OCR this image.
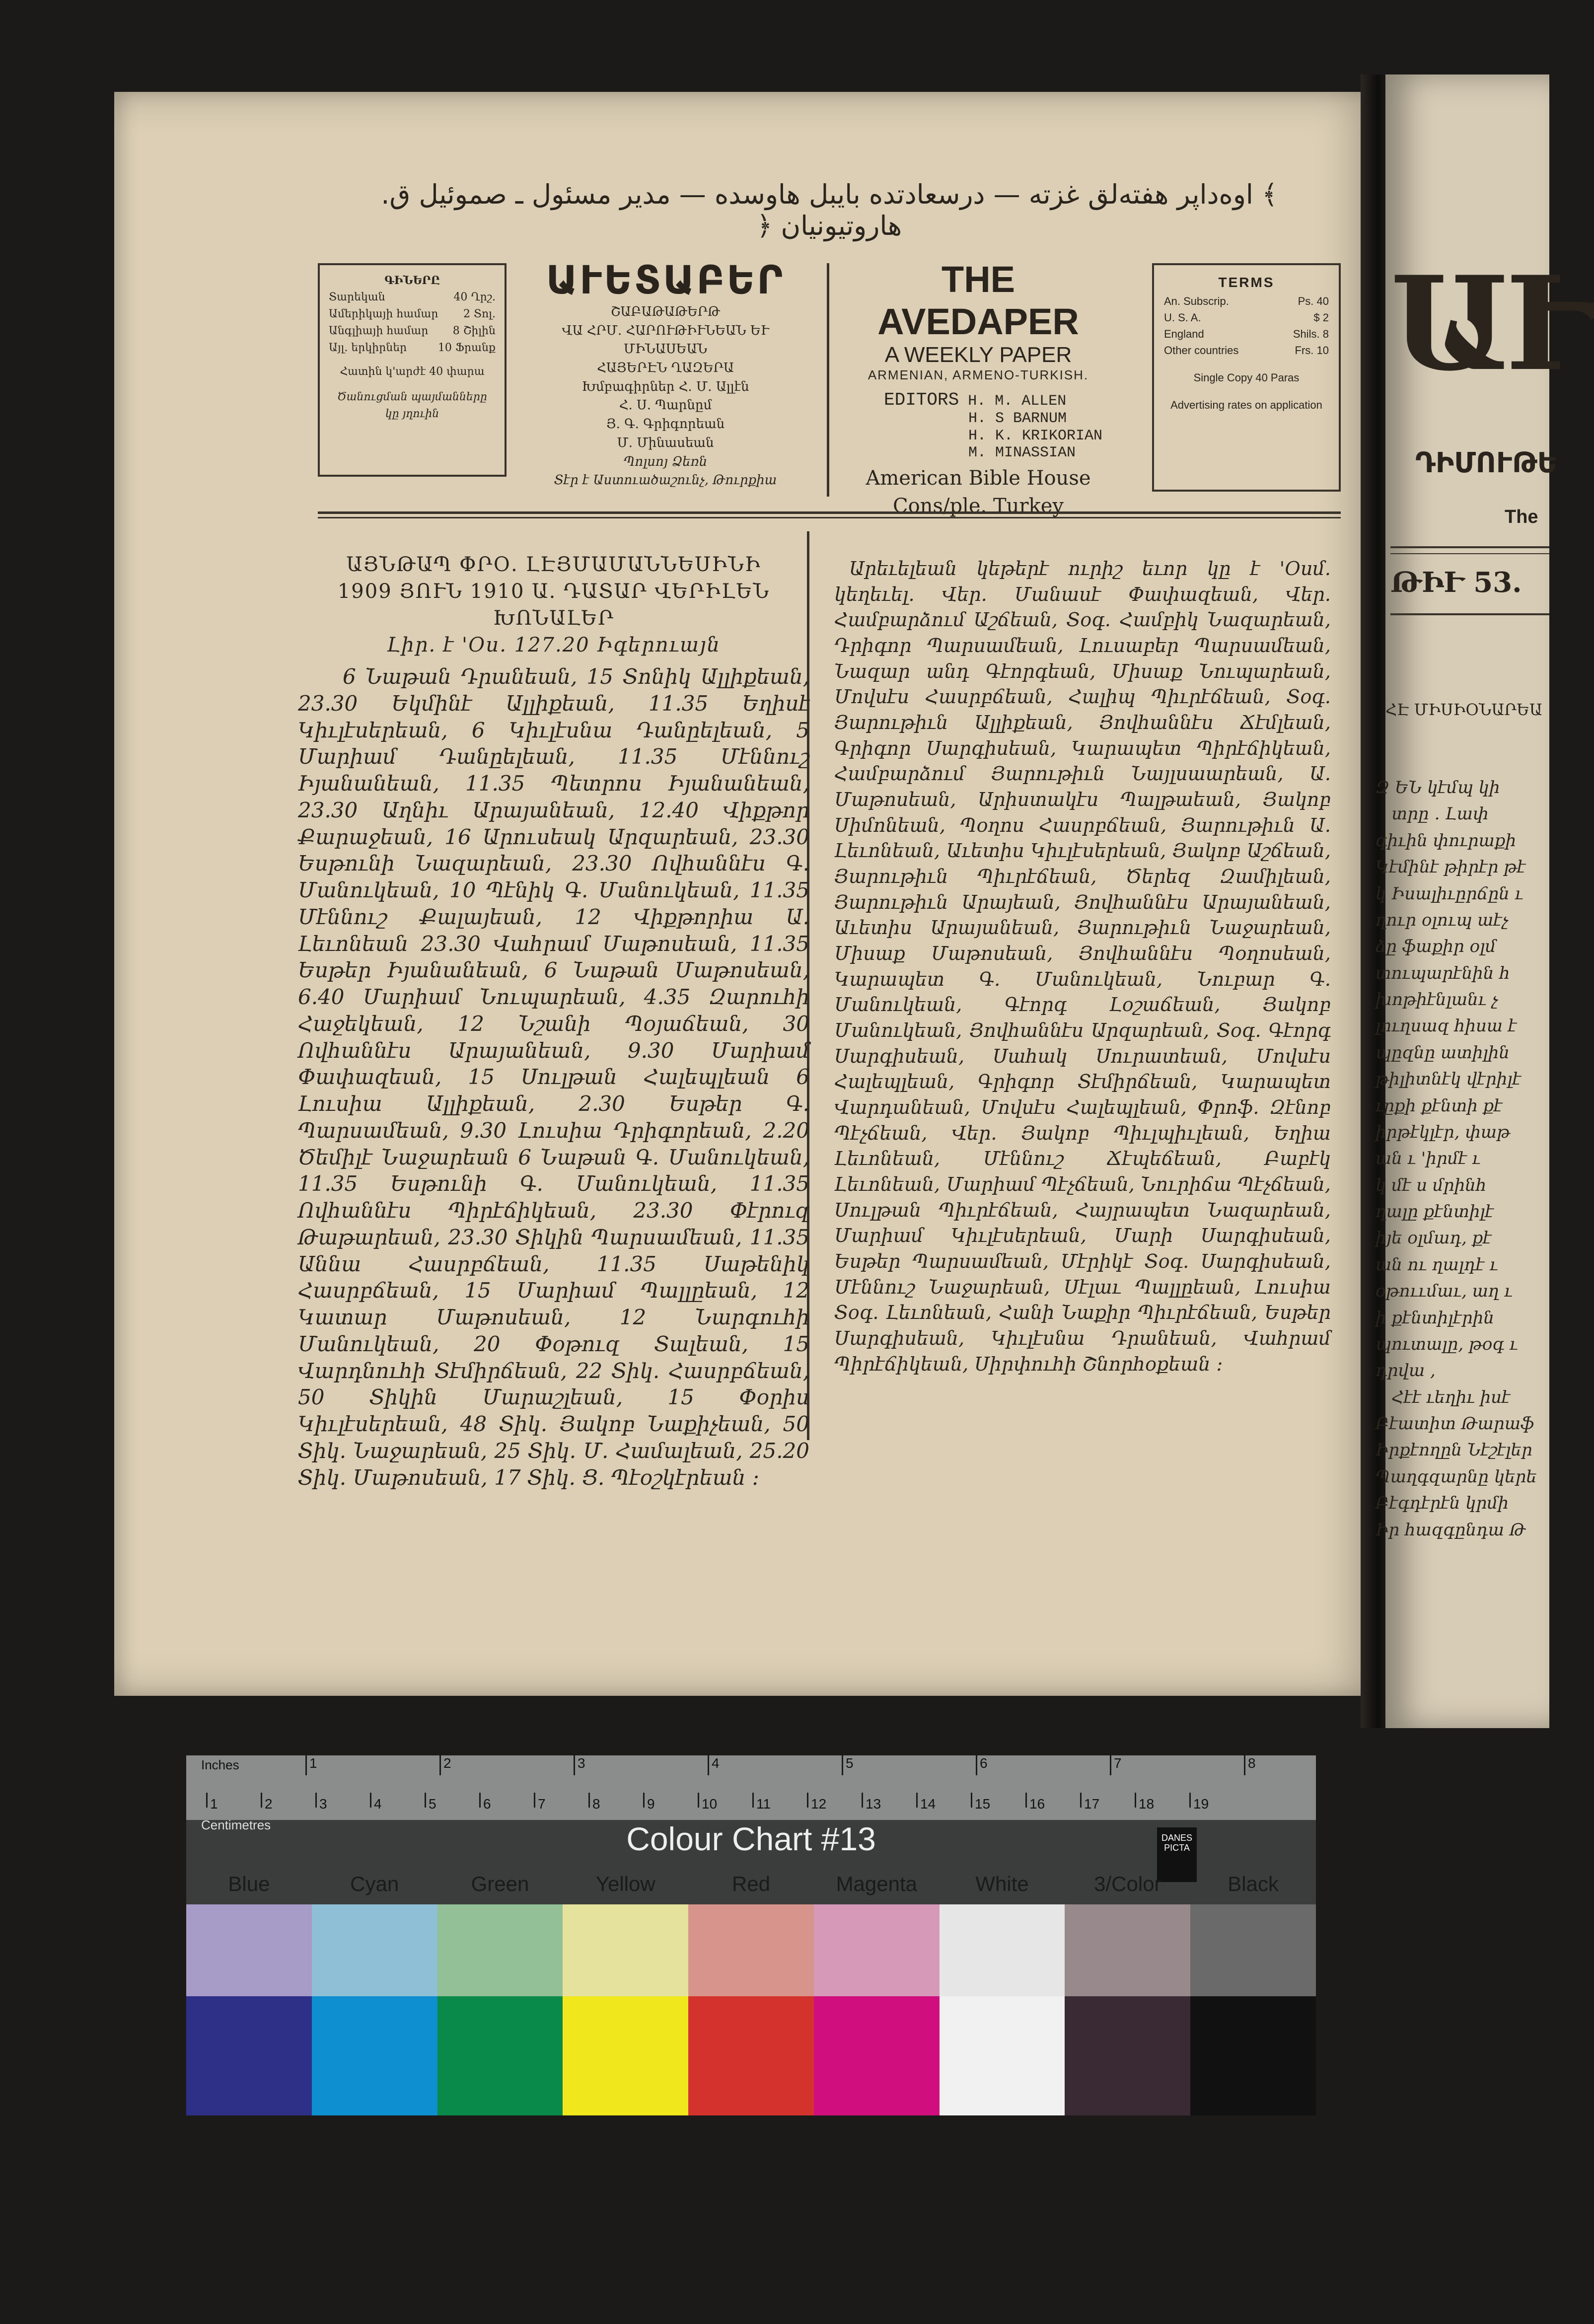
﴾ اوه‌داپر هفته‌لق غزته — درسعادتده بایبل هاوسده — مدیر مسئول ـ صموئیل ق. هاروتیونیان ﴿
ԳԻՆԵՐԸ
Տարեկան	40 Ղրշ.
Ամերիկայի համար 2 Տոլ.
Անգլիայի համար 8 Շիլին
Այլ. երկիրներ	10 Ֆրանք
Հատին կ'արժէ 40 փարա
Ծանուցման պայմանները կը յղուին
ԱՒԵՏԱԲԵՐ
ՇԱԲԱԹԱԹԵՐԹ
ՎԱ ՀՐՄ. ՀԱՐՈՒԹԻՒՆԵԱՆ ԵՒ ՄԻՆԱՍԵԱՆ
ՀԱՅԵՐԷՆ ՂԱԶԵՐԱ
Խմբագիրներ Հ. Մ. Ալլէն
Հ. Ս. Պարնըմ
Յ. Գ. Գրիգորեան
Մ. Մինասեան
Պոլսոյ Ձեռն
Տէր է Աստուածաշունչ, Թուրքիա
THE AVEDAPER
A WEEKLY PAPER
ARMENIAN, ARMENO-TURKISH.
EDITORS H. M. ALLEN
H. S BARNUM
H. K. KRIKORIAN
M. MINASSIAN
American Bible House
Cons/ple. Turkey
TERMS
An. Subscrip.	Ps. 40
U. S. A.	$ 2
England	Shils. 8
Other countries	Frs. 10
Single Copy 40 Paras
Advertising rates on application
ԱՅՆԹԱՊ ՓՐՕ. ԼԷՅՄԱՄԱՆՆԵՍԻՆԻ
1909 ՅՈՒՆ 1910 Ա. ԴԱՏԱՐ ՎԵՐԻԼԵՆ
ԽՈՆԱԼԵՐ
Լիր. է 'Օս. 127.20 Իգերուայն
6 Նաթան Դրանեան, 15 Տոնիկ Ալլիքեան, 23.30 Եկմինէ Ալլիքեան, 11.35 Եղիսէ Կիւլէսերեան, 6 Կիւլէսնա Դանըելեան, 5 Մարիամ Դանըելեան, 11.35 Մէննուշ Իյանանեան, 11.35 Պետրոս Իյանանեան, 23.30 Աղնիւ Արայանեան, 12.40 Վիքթոր Քարաջեան, 16 Արուսեակ Արզարեան, 23.30 Եսթունի Նազարեան, 23.30 Ովհաննէս Գ. Մանուկեան, 10 Պէնիկ Գ. Մանուկեան, 11.35 Մէննուշ Քալայեան, 12 Վիքթորիա Ա. Լեւոնեան 23.30 Վահրամ Մաթոսեան, 11.35 Եսթեր Իյանանեան, 6 Նաթան Մաթոսեան, 6.40 Մարիամ Նուպարեան, 4.35 Զարուհի Հաջեկեան, 12 Նշանի Պօյաճեան, 30 Ովհաննէս Արայանեան, 9.30 Մարիամ Փափազեան, 15 Սուլթան Հալեպլեան 6 Լուսիա Ալլիքեան, 2.30 Եսթեր Գ. Պարսամեան, 9.30 Լուսիա Դրիգորեան, 2.20 Ծեմիլէ Նաջարեան 6 Նաթան Գ. Մանուկեան, 11.35 Եսթունի Գ. Մանուկեան, 11.35 Ովհաննէս Պիրէճիկեան, 23.30 Փէրուզ Թաթարեան, 23.30 Տիկին Պարսամեան, 11.35 Աննա Հասրբճեան, 11.35 Սաթենիկ Հասրբճեան, 15 Մարիամ Պալլըեան, 12 Կատար Մաթոսեան, 12 Նարգուհի Մանուկեան, 20 Փօթուզ Տալեան, 15 Վարդնուհի Տէմիրճեան, 22 Տիկ. Հասրբճեան, 50 Տիկին Մարաշլեան, 15 Փօրիս Կիւլէսերեան, 48 Տիկ. Յակոբ Նաքիչեան, 50 Տիկ. Նաջարեան, 25 Տիկ. Մ. Համալեան, 25.20 Տիկ. Մաթոսեան, 17 Տիկ. Ց. Պէօշկէրեան ։
Արեւելեան կեթերէ ուրիշ եւոր կը է 'Օսմ. կեղեւել. Վեր. Մանասէ Փափազեան, Վեր. Համբարձում Աշճեան, Տօգ. Համբիկ Նազարեան, Դրիգոր Պարսամեան, Լուսաբեր Պարսամեան, Նազար անդ Գէորգեան, Միսաք Նուպարեան, Մովսէս Հասրբճեան, Հալիպ Պիւրէճեան, Տօգ. Յարութիւն Ալլիքեան, Յովհաննէս Ճէմլեան, Գրիգոր Սարգիսեան, Կարապետ Պիրէճիկեան, Համբարձում Յարութիւն Նայլսաարեան, Ա. Մաթոսեան, Արիստակէս Պալթաեան, Յակոբ Սիմոնեան, Պօղոս Հասրբճեան, Յարութիւն Ա. Լեւոնեան, Աւետիս Կիւլէսերեան, Յակոբ Աշճեան, Յարութիւն Պիւրէճեան, Ծերեզ Զամիլեան, Յարութիւն Արայեան, Յովհաննէս Արայանեան, Աւետիս Արայանեան, Յարութիւն Նաջարեան, Միսաք Մաթոսեան, Յովհաննէս Պօղոսեան, Կարապետ Գ. Մանուկեան, Նուբար Գ. Մանուկեան, Գէորգ Լօշաճեան, Յակոբ Մանուկեան, Յովհաննէս Արզարեան, Տօգ. Գէորգ Սարգիսեան, Սահակ Սուրատեան, Մովսէս Հալեպլեան, Գրիգոր Տէմիրճեան, Կարապետ Վարդանեան, Մովսէս Հալեպլեան, Փրոֆ. Զէնոբ Պէչճեան, Վեր. Յակոբ Պիւլպիւլեան, Եղիա Լեւոնեան, Մէննուշ Ճէպեճեան, Բաբէկ Լեւոնեան, Մարիամ Պէչճեան, Նուրիճա Պէչճեան, Սուլթան Պիւրէճեան, Հայրապետ Նազարեան, Մարիամ Կիւլէսերեան, Մարի Սարգիսեան, Եսթեր Պարսամեան, Մէրիկէ Տօգ. Սարգիսեան, Մէննուշ Նաջարեան, Սէլաւ Պալլըեան, Լուսիա Տօգ. Լեւոնեան, Հանի Նաքիր Պիւրէճեան, Եսթեր Սարգիսեան, Կիւլէսնա Դրանեան, Վահրամ Պիրէճիկեան, Սիրփուհի Շնորհօքեան ։
ԱՒ
ԴԻՄՈՒԹԵ
The
ԹԻՒ 53.
ՀԷ ՄԻՍԻՕՆԱՐԵԱ
Զ ԵՆ կէմպ կի
տրը ․ Լափ
գիւին փուրաքի
Կէմինէ թիրէր թէ
կ Իսալիւըրճըն ւ
ղուր օլուպ աէչ
ձը ֆաքիր օլմ
տուպարէնին հ
խոթիէնլանւ չ
լուղսազ հիսա է
պըզնը ատիլին
թիլիտնէկ վէրիլէ
ւըքի քէնտի քէ
իրթէկլէր, փաթ
ան ւ 'իրմէ ւ
կ մէ ս մրինհ
ղալը քէնտիլէ
իյե օլմադ, քէ
ան ու ղալդէ ւ
օթոււմաւ, աղ ւ
ի քէնտիլէրին
պուտալը, թօգ ւ
դրվա ,
Հէէ ւեղիւ իսէ
Բէատիտ Թարաֆ
Իրքէողըն Նէշէլեր
Պաղգզարնը կերե
Բէգդէրէն կրմի
Իր հազգընդա Թ
Inches	1	2	3	4	5	6	7	8
1	2	3	4	5	6	7	8	9	10	11	12	13	14	15	16	17	18	19
Centimetres	Colour Chart #13	DANES PICTA
Blue	Cyan	Green	Yellow	Red	Magenta	White	3/Color	Black
